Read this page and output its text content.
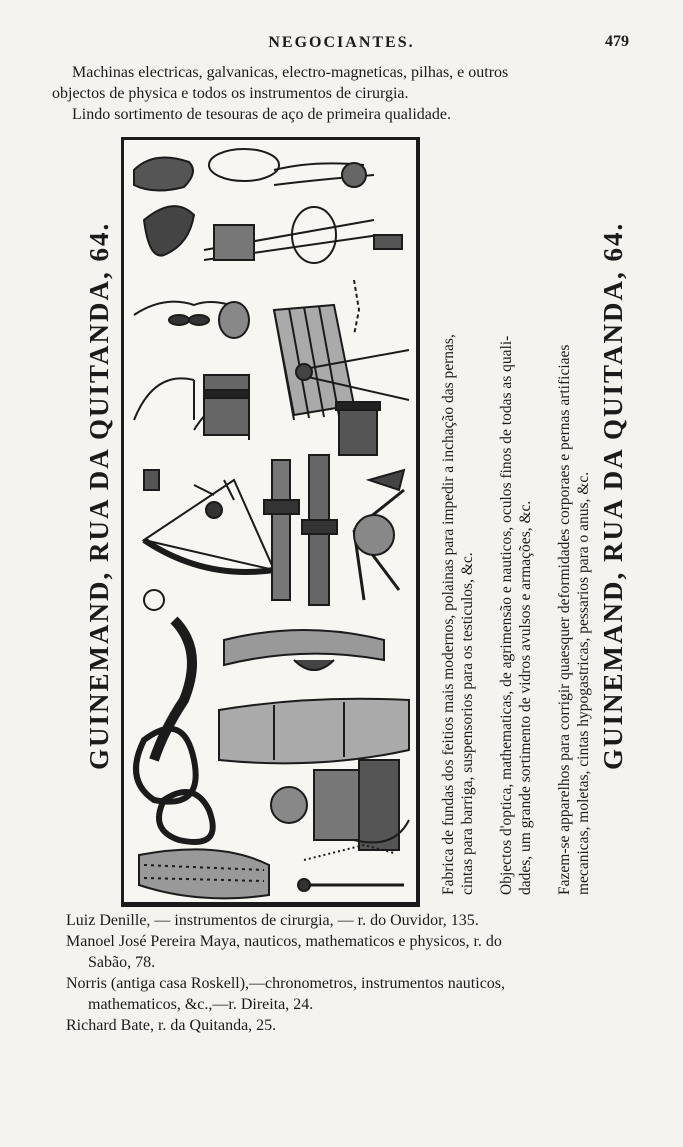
NEGOCIANTES.	479
Machinas electricas, galvanicas, electro-magneticas, pilhas, e outros
objectos de physica e todos os instrumentos de cirurgia.
Lindo sortimento de tesouras de aço de primeira qualidade.
GUINEMAND, RUA DA QUITANDA, 64.	Fabrica de fundas dos feitios mais modernos, polainas para impedir a inchação das pernas, cintas para barriga, suspensorios para os testiculos, &c. Objectos d'optica, mathematicas, de agrimensão e nauticos, oculos finos de todas as quali- dades, um grande sortimento de vidros avulsos e armações, &c. Fazem-se apparelhos para corrigir quaesquer deformidades corporaes e pernas artificiaes mecanicas, moletas, cintas hypogastricas, pessarios para o anus, &c. GUINEMAND, RUA DA QUITANDA, 64.
Luiz Denille, — instrumentos de cirurgia, — r. do Ouvidor, 135.
Manoel José Pereira Maya, nauticos, mathematicos e physicos, r. do
Sabão, 78.
Norris (antiga casa Roskell),—chronometros, instrumentos nauticos,
mathematicos, &c.,—r. Direita, 24.
Richard Bate, r. da Quitanda, 25.
